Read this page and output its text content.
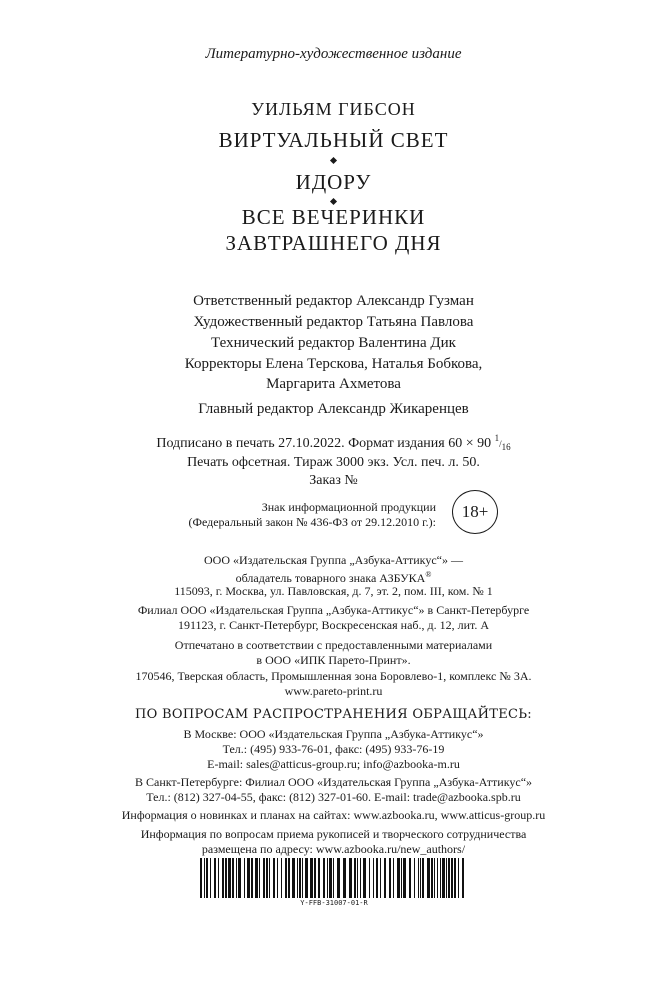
Литературно-художественное издание
УИЛЬЯМ ГИБСОН
ВИРТУАЛЬНЫЙ СВЕТ
ИДОРУ
ВСЕ ВЕЧЕРИНКИ
ЗАВТРАШНЕГО ДНЯ
Ответственный редактор Александр Гузман
Художественный редактор Татьяна Павлова
Технический редактор Валентина Дик
Корректоры Елена Терскова, Наталья Бобкова,
Маргарита Ахметова
Главный редактор Александр Жикаренцев
Подписано в печать 27.10.2022. Формат издания 60 × 90 1/16
Печать офсетная. Тираж 3000 экз. Усл. печ. л. 50.
Заказ №
Знак информационной продукции
(Федеральный закон № 436-ФЗ от 29.12.2010 г.):
18+
ООО «Издательская Группа „Азбука-Аттикус“» —
обладатель товарного знака АЗБУКА®
115093, г. Москва, ул. Павловская, д. 7, эт. 2, пом. III, ком. № 1
Филиал ООО «Издательская Группа „Азбука-Аттикус“» в Санкт-Петербурге
191123, г. Санкт-Петербург, Воскресенская наб., д. 12, лит. А
Отпечатано в соответствии с предоставленными материалами
в ООО «ИПК Парето-Принт».
170546, Тверская область, Промышленная зона Боровлево-1, комплекс № 3А.
www.pareto-print.ru
ПО ВОПРОСАМ РАСПРОСТРАНЕНИЯ ОБРАЩАЙТЕСЬ:
В Москве: ООО «Издательская Группа „Азбука-Аттикус“»
Тел.: (495) 933-76-01, факс: (495) 933-76-19
E-mail: sales@atticus-group.ru; info@azbooka-m.ru
В Санкт-Петербурге: Филиал ООО «Издательская Группа „Азбука-Аттикус“»
Тел.: (812) 327-04-55, факс: (812) 327-01-60. E-mail: trade@azbooka.spb.ru
Информация о новинках и планах на сайтах: www.azbooka.ru, www.atticus-group.ru
Информация по вопросам приема рукописей и творческого сотрудничества
размещена по адресу: www.azbooka.ru/new_authors/
Y-FFB-31007-01-R
